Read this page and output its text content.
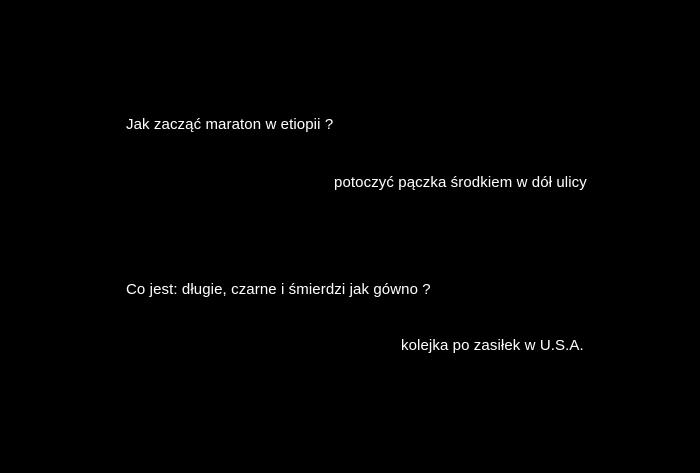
Jak zacząć maraton w etiopii ?
potoczyć pączka środkiem w dół ulicy
Co jest: długie, czarne i śmierdzi jak gówno ?
kolejka po zasiłek w U.S.A.
